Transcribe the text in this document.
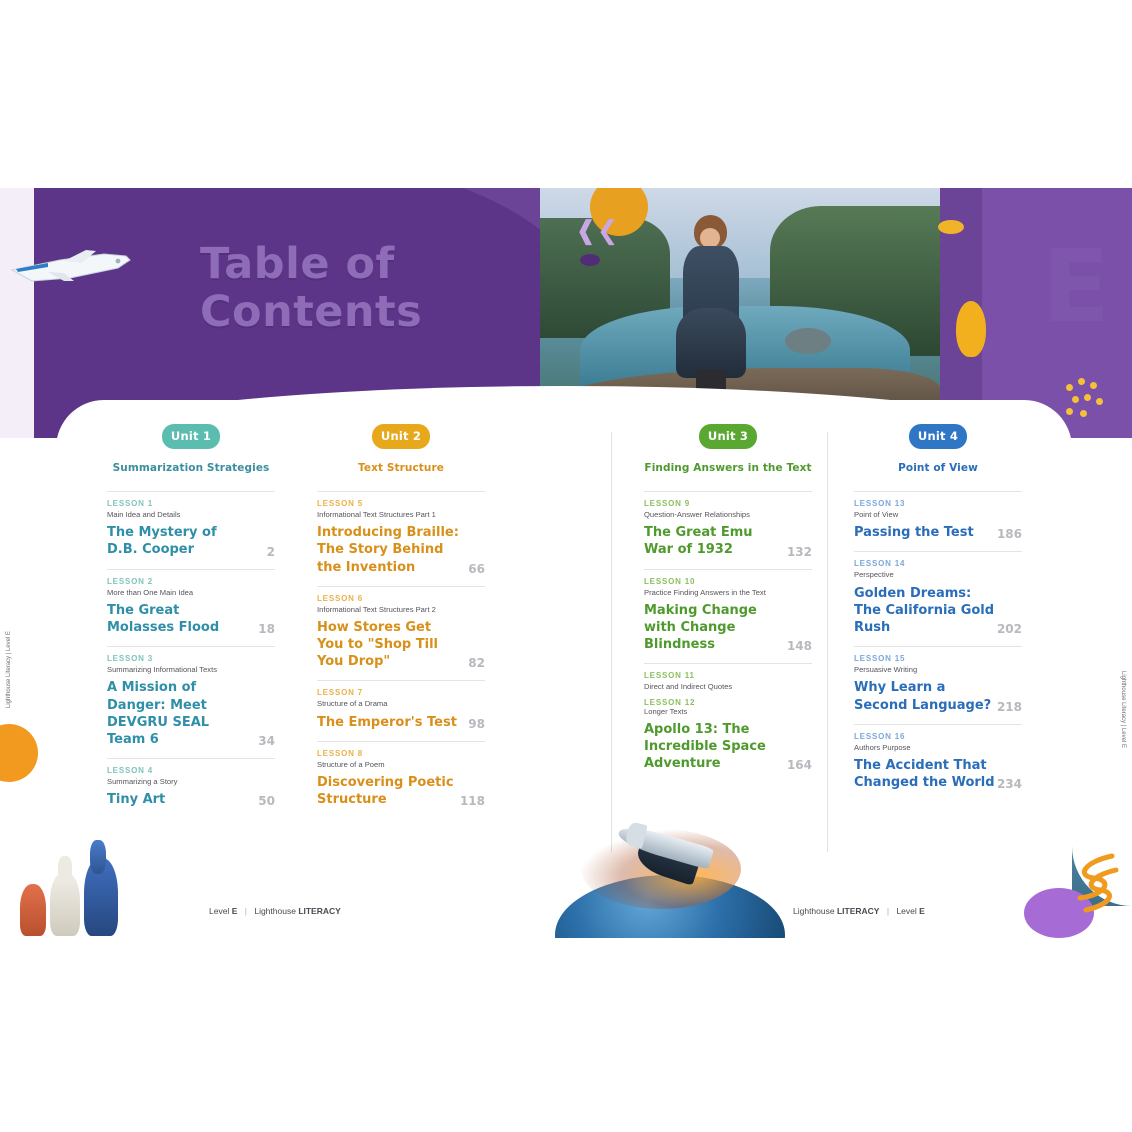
❰❮
Table of
Contents	E
Unit 1
Summarization Strategies
LESSON 1
Main Idea and Details
The Mystery of D.B. Cooper	2
LESSON 2
More than One Main Idea
The Great Molasses Flood	18
LESSON 3
Summarizing Informational Texts
A Mission of Danger: Meet DEVGRU SEAL Team 6	34
LESSON 4
Summarizing a Story
Tiny Art	50
Unit 2
Text Structure
LESSON 5
Informational Text Structures Part 1
Introducing Braille: The Story Behind the Invention	66
LESSON 6
Informational Text Structures Part 2
How Stores Get You to "Shop Till You Drop"	82
LESSON 7
Structure of a Drama
The Emperor's Test 98
LESSON 8
Structure of a Poem
Discovering Poetic Structure	118
Unit 3
Finding Answers in the Text
LESSON 9
Question-Answer Relationships
The Great Emu War of 1932	132
LESSON 10
Practice Finding Answers in the Text
Making Change with Change Blindness	148
LESSON 11
Direct and Indirect Quotes
LESSON 12
Longer Texts
Apollo 13: The Incredible Space Adventure	164
Unit 4
Point of View
LESSON 13
Point of View
Passing the Test	186
LESSON 14
Perspective
Golden Dreams: The California Gold Rush	202
LESSON 15
Persuasive Writing
Why Learn a Second Language? 218
LESSON 16
Authors Purpose
The Accident That Changed the World 234
Lighthouse Literacy | Level E
Lighthouse Literacy | Level E
Level E | Lighthouse LITERACY	Lighthouse LITERACY | Level E
